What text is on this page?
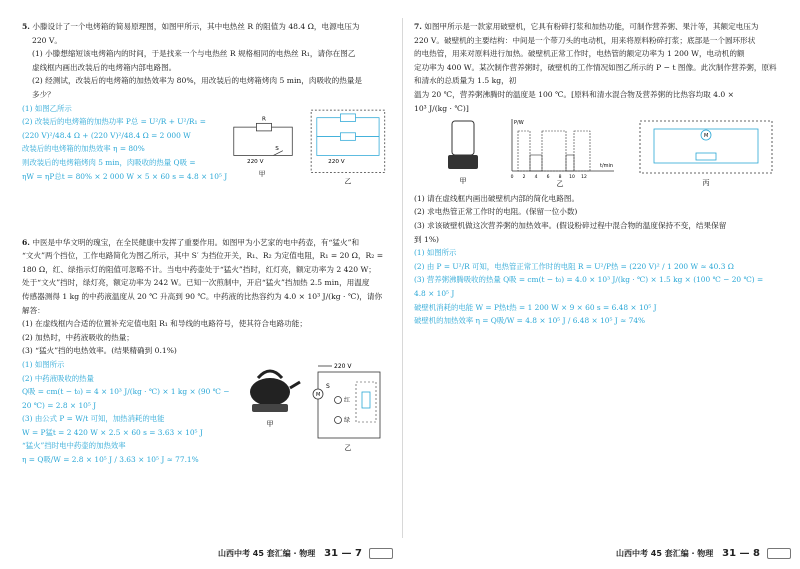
5. 小滕设计了一个电烤箱的简易原理图，如图甲所示，其中电热丝 R 的阻值为 48.4 Ω，电源电压为

220 V。

(1) 小滕想缩短该电烤箱内的时间，于是找来一个与电热丝 R 规格相同的电热丝 R₁，请你在图乙

虚线框内画出改装后的电烤箱内部电路图。

(2) 经测试，改装后的电烤箱的加热效率为 80%，用改装后的电烤箱烤肉 5 min，肉吸收的热量是

多少？

(1) 如图乙所示

(2) 改装后的电烤箱的加热功率 P总 = U²/R + U²/R₁ =

(220 V)²/48.4 Ω + (220 V)²/48.4 Ω = 2 000 W

改装后的电烤箱的加热效率 η = 80%

则改装后的电烤箱烤肉 5 min，肉吸收的热量 Q吸 =

ηW = ηP总t = 80% × 2 000 W × 5 × 60 s = 4.8 × 10⁵ J

R
220 V
S
甲
220 V
乙

6. 中医是中华文明的瑰宝，在全民健康中发挥了重要作用。如图甲为小艺家的电中药壶，有“猛火”和

“文火”两个挡位，工作电路简化为图乙所示，其中 S′ 为挡位开关，R₁、R₂ 为定值电阻，R₁ = 20 Ω，R₂ =

180 Ω，红、绿指示灯的阻值可忽略不计。当电中药壶处于“猛火”挡时，红灯亮，额定功率为 2 420 W；

处于“文火”挡时，绿灯亮，额定功率为 242 W。已知一次煎制中，开启“猛火”挡加热 2.5 min，用温度

传感器测得 1 kg 的中药液温度从 20 ℃ 升高到 90 ℃。中药液的比热容约为 4.0 × 10³ J/(kg · ℃)，请你

解答：

(1) 在虚线框内合适的位置补充定值电阻 R₁ 和导线的电路符号，使其符合电路功能；

(2) 加热时，中药液吸收的热量；

(3) “猛火”挡的电热效率。(结果精确到 0.1%)

(1) 如图所示

(2) 中药液吸收的热量

Q吸 = cm(t − t₀) = 4 × 10³ J/(kg · ℃) × 1 kg × (90 ℃ −

20 ℃) = 2.8 × 10⁵ J

(3) 由公式 P = W/t 可知，加热消耗的电能

W = P猛t = 2 420 W × 2.5 × 60 s = 3.63 × 10⁵ J

“猛火”挡时电中药壶的加热效率

η = Q吸/W = 2.8 × 10⁵ J / 3.63 × 10⁵ J ≈ 77.1%

甲
220 V
M
S
红
绿
乙

7. 如图甲所示是一款家用破壁机，它具有粉碎打浆和加热功能，可制作营养粥、果汁等，其额定电压为

220 V。破壁机的主要结构：中间是一个带刀头的电动机，用来将原料粉碎打浆；底部是一个圆环形状

的电热管，用来对原料进行加热。破壁机正常工作时，电热管的额定功率为 1 200 W，电动机的额

定功率为 400 W。某次制作营养粥时，破壁机的工作情况如图乙所示的 P − t 图像。此次制作营养粥，原料和清水的总质量为 1.5 kg，初

温为 20 ℃，营养粥沸腾时的温度是 100 ℃。[原料和清水混合物及营养粥的比热容均取 4.0 ×

10³ J/(kg · ℃)]

甲
P/W
t/min
0 2 4 6 8 10 12
乙
M
丙

(1) 请在虚线框内画出破壁机内部的简化电路图。

(2) 求电热管正常工作时的电阻。(保留一位小数)

(3) 求该破壁机做这次营养粥的加热效率。(假设粉碎过程中混合物的温度保持不变，结果保留

到 1%)

(1) 如图所示

(2) 由 P = U²/R 可知，电热管正常工作时的电阻 R = U²/P热 = (220 V)² / 1 200 W ≈ 40.3 Ω

(3) 营养粥沸腾吸收的热量 Q吸 = cm(t − t₀) = 4.0 × 10³ J/(kg · ℃) × 1.5 kg × (100 ℃ − 20 ℃) =

4.8 × 10⁵ J

破壁机消耗的电能 W = P热t热 = 1 200 W × 9 × 60 s = 6.48 × 10⁵ J

破壁机的加热效率 η = Q吸/W = 4.8 × 10⁵ J / 6.48 × 10⁵ J ≈ 74%

山西中考 45 套汇编 · 物理 31 — 7	山西中考 45 套汇编 · 物理 31 — 8
